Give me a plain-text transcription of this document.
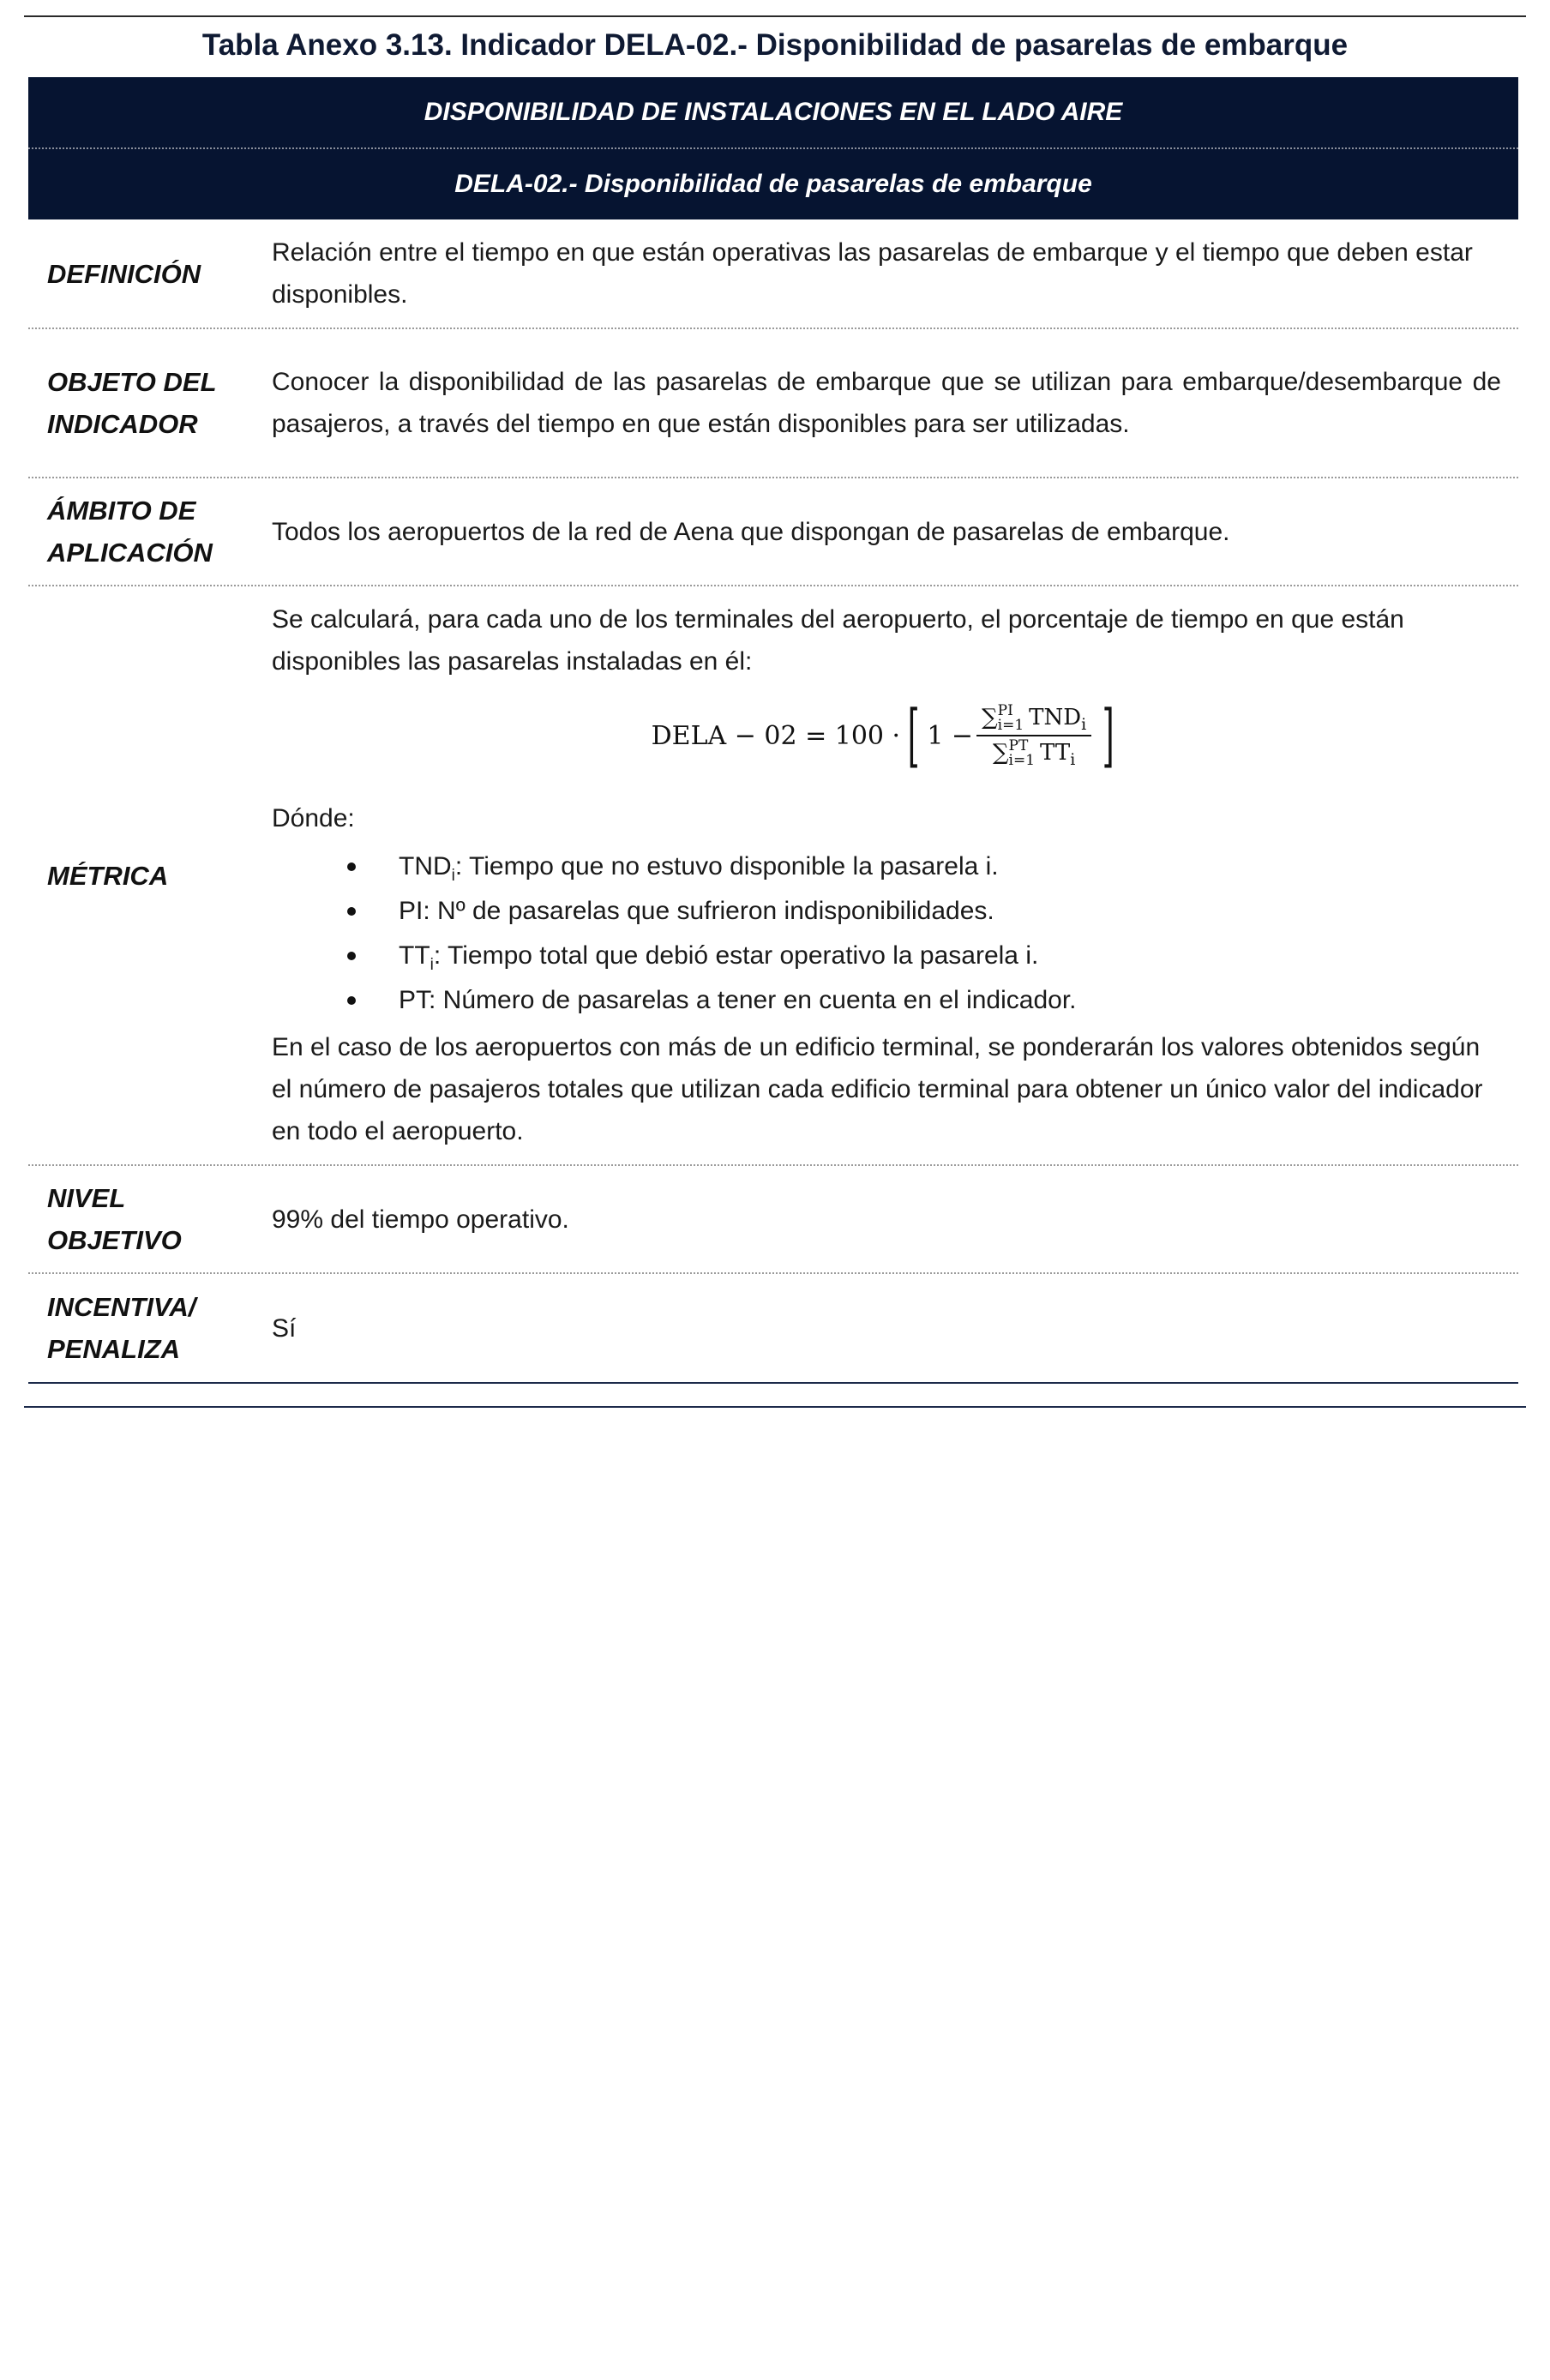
Tabla Anexo 3.13. Indicador DELA-02.- Disponibilidad de pasarelas de embarque
DISPONIBILIDAD DE INSTALACIONES EN EL LADO AIRE
DELA-02.- Disponibilidad de pasarelas de embarque
DEFINICIÓN

Relación entre el tiempo en que están operativas las pasarelas de embarque y el tiempo que deben estar disponibles.

OBJETO DEL
INDICADOR

Conocer la disponibilidad de las pasarelas de embarque que se utilizan para embarque/desembarque de pasajeros, a través del tiempo en que están disponibles para ser utilizadas.

ÁMBITO DE
APLICACIÓN

Todos los aeropuertos de la red de Aena que dispongan de pasarelas de embarque.

MÉTRICA

Se calculará, para cada uno de los terminales del aeropuerto, el porcentaje de tiempo en que están disponibles las pasarelas instaladas en él:

DELA − 02 = 100 · [ 1 − ∑ PI
i=1 $TND_i$
∑ PT
i=1 $TT_i$ ]

Dónde:

$TND_i$: Tiempo que no estuvo disponible la pasarela i.
PI: Nº de pasarelas que sufrieron indisponibilidades.
$TT_i$: Tiempo total que debió estar operativo la pasarela i.
PT: Número de pasarelas a tener en cuenta en el indicador.

En el caso de los aeropuertos con más de un edificio terminal, se ponderarán los valores obtenidos según el número de pasajeros totales que utilizan cada edificio terminal para obtener un único valor del indicador en todo el aeropuerto.

NIVEL
OBJETIVO

99% del tiempo operativo.

INCENTIVA/
PENALIZA

Sí
